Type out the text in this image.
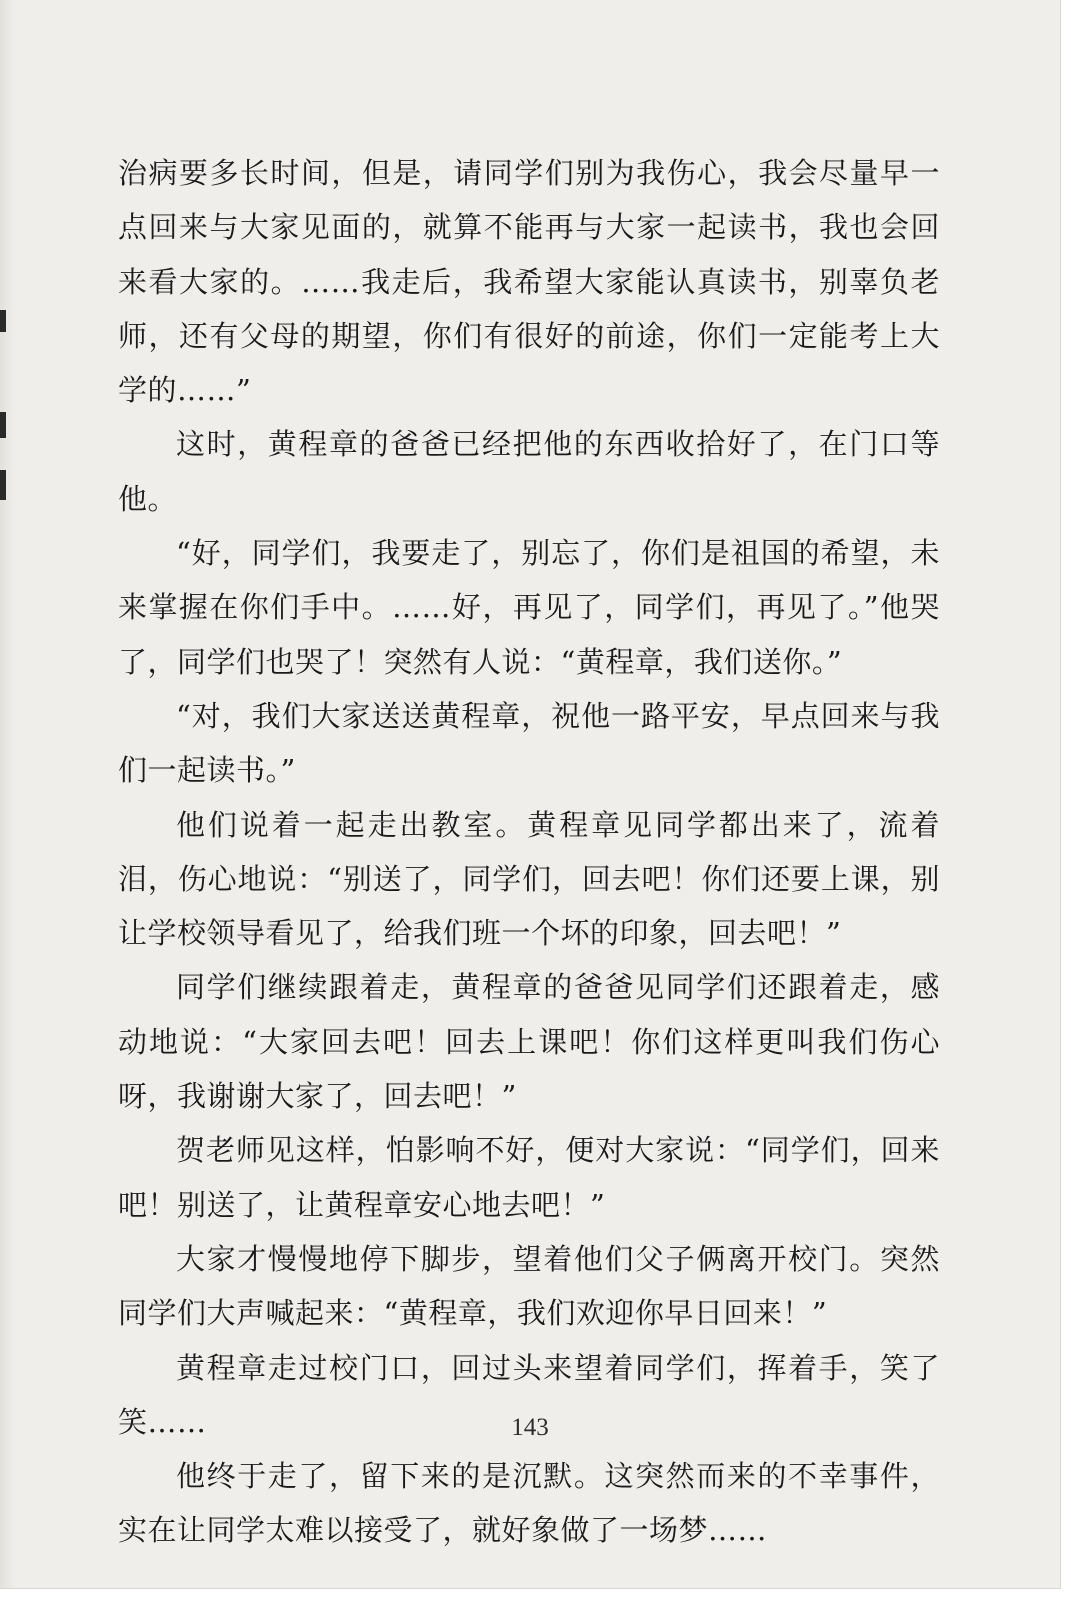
治病要多长时间，但是，请同学们别为我伤心，我会尽量早一点回来与大家见面的，就算不能再与大家一起读书，我也会回来看大家的。……我走后，我希望大家能认真读书，别辜负老师，还有父母的期望，你们有很好的前途，你们一定能考上大学的……”

这时，黄程章的爸爸已经把他的东西收拾好了，在门口等他。

“好，同学们，我要走了，别忘了，你们是祖国的希望，未来掌握在你们手中。……好，再见了，同学们，再见了。”他哭了，同学们也哭了！突然有人说：“黄程章，我们送你。”

“对，我们大家送送黄程章，祝他一路平安，早点回来与我们一起读书。”

他们说着一起走出教室。黄程章见同学都出来了，流着泪，伤心地说：“别送了，同学们，回去吧！你们还要上课，别让学校领导看见了，给我们班一个坏的印象，回去吧！”

同学们继续跟着走，黄程章的爸爸见同学们还跟着走，感动地说：“大家回去吧！回去上课吧！你们这样更叫我们伤心呀，我谢谢大家了，回去吧！”

贺老师见这样，怕影响不好，便对大家说：“同学们，回来吧！别送了，让黄程章安心地去吧！”

大家才慢慢地停下脚步，望着他们父子俩离开校门。突然同学们大声喊起来：“黄程章，我们欢迎你早日回来！”

黄程章走过校门口，回过头来望着同学们，挥着手，笑了笑……

他终于走了，留下来的是沉默。这突然而来的不幸事件，实在让同学太难以接受了，就好象做了一场梦……

143
